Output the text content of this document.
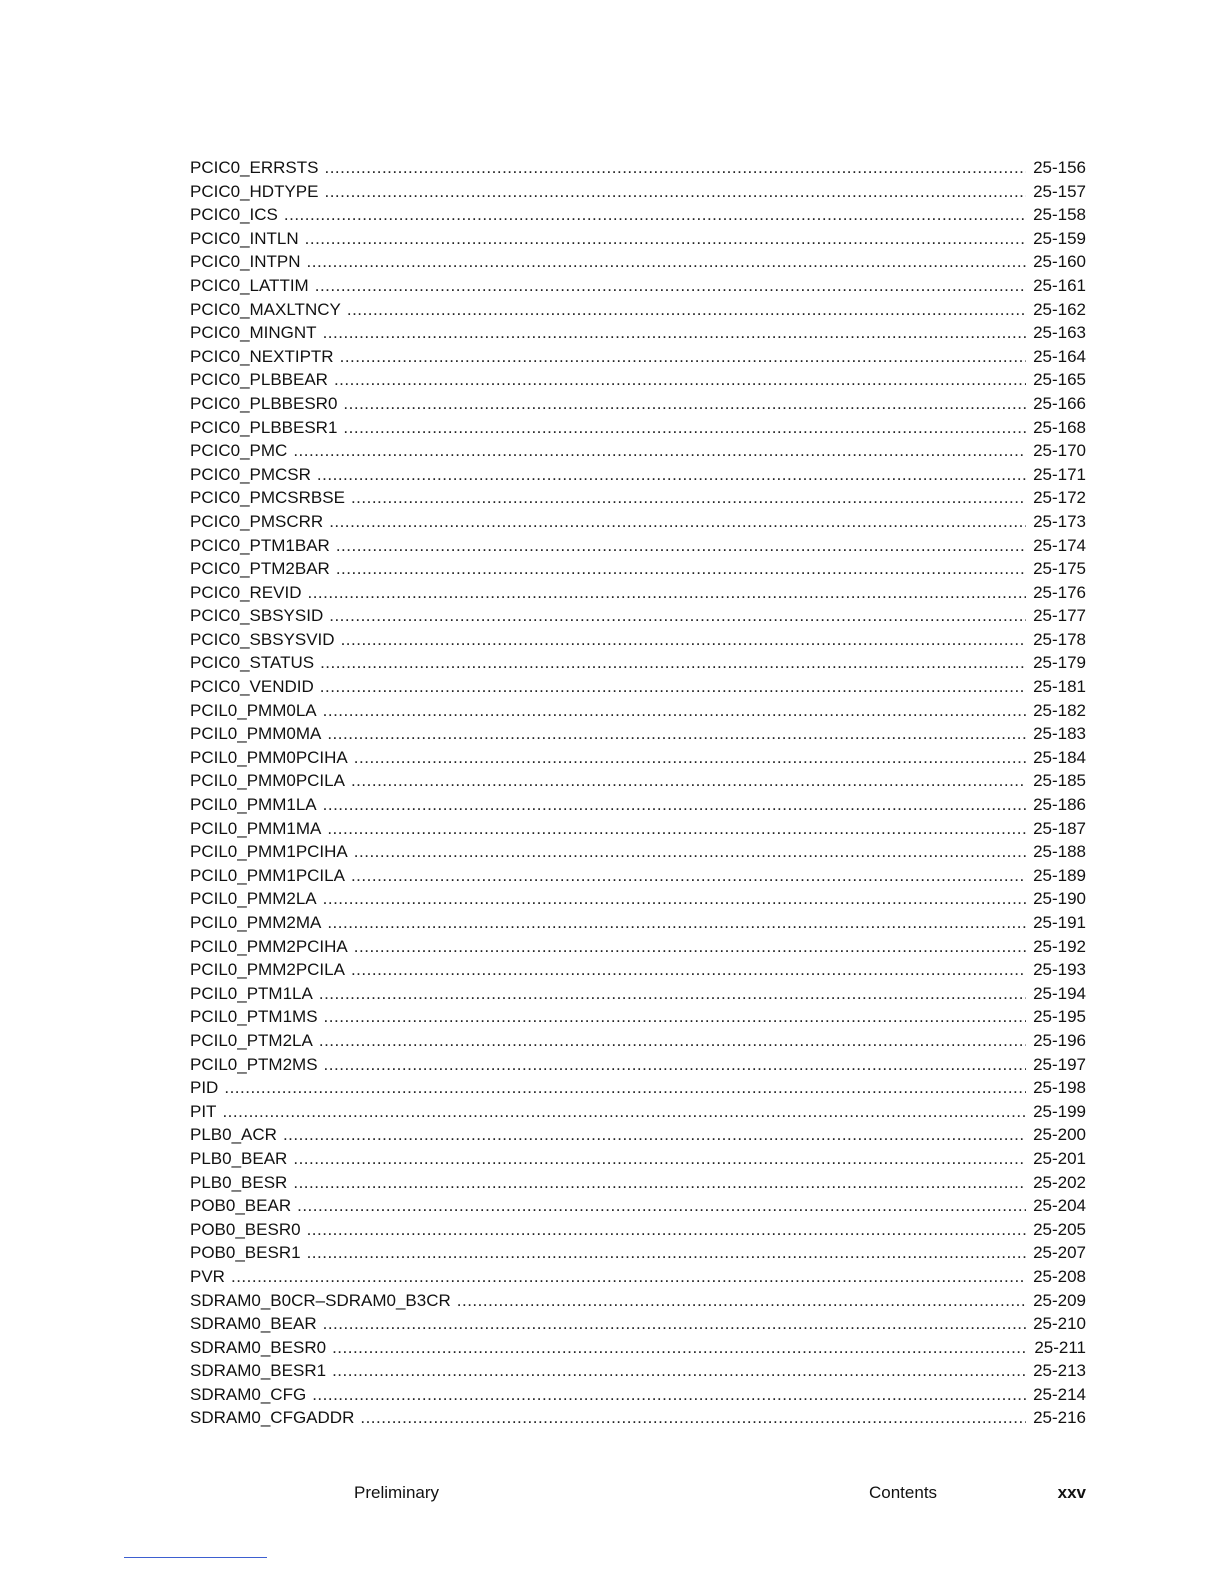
PCIC0_ERRSTS .....	25-156
PCIC0_HDTYPE .....	25-157
PCIC0_ICS .....	25-158
PCIC0_INTLN .....	25-159
PCIC0_INTPN .....	25-160
PCIC0_LATTIM .....	25-161
PCIC0_MAXLTNCY .....	25-162
PCIC0_MINGNT .....	25-163
PCIC0_NEXTIPTR .....	25-164
PCIC0_PLBBEAR .....	25-165
PCIC0_PLBBESR0 .....	25-166
PCIC0_PLBBESR1 .....	25-168
PCIC0_PMC .....	25-170
PCIC0_PMCSR .....	25-171
PCIC0_PMCSRBSE .....	25-172
PCIC0_PMSCRR .....	25-173
PCIC0_PTM1BAR .....	25-174
PCIC0_PTM2BAR .....	25-175
PCIC0_REVID .....	25-176
PCIC0_SBSYSID .....	25-177
PCIC0_SBSYSVID .....	25-178
PCIC0_STATUS .....	25-179
PCIC0_VENDID .....	25-181
PCIL0_PMM0LA .....	25-182
PCIL0_PMM0MA .....	25-183
PCIL0_PMM0PCIHA .....	25-184
PCIL0_PMM0PCILA .....	25-185
PCIL0_PMM1LA .....	25-186
PCIL0_PMM1MA .....	25-187
PCIL0_PMM1PCIHA .....	25-188
PCIL0_PMM1PCILA .....	25-189
PCIL0_PMM2LA .....	25-190
PCIL0_PMM2MA .....	25-191
PCIL0_PMM2PCIHA .....	25-192
PCIL0_PMM2PCILA .....	25-193
PCIL0_PTM1LA .....	25-194
PCIL0_PTM1MS .....	25-195
PCIL0_PTM2LA .....	25-196
PCIL0_PTM2MS .....	25-197
PID .....	25-198
PIT .....	25-199
PLB0_ACR .....	25-200
PLB0_BEAR .....	25-201
PLB0_BESR .....	25-202
POB0_BEAR .....	25-204
POB0_BESR0 .....	25-205
POB0_BESR1 .....	25-207
PVR .....	25-208
SDRAM0_B0CR–SDRAM0_B3CR .....	25-209
SDRAM0_BEAR .....	25-210
SDRAM0_BESR0 .....	25-211
SDRAM0_BESR1 .....	25-213
SDRAM0_CFG .....	25-214
SDRAM0_CFGADDR .....	25-216
Preliminary	Contents	xxv
